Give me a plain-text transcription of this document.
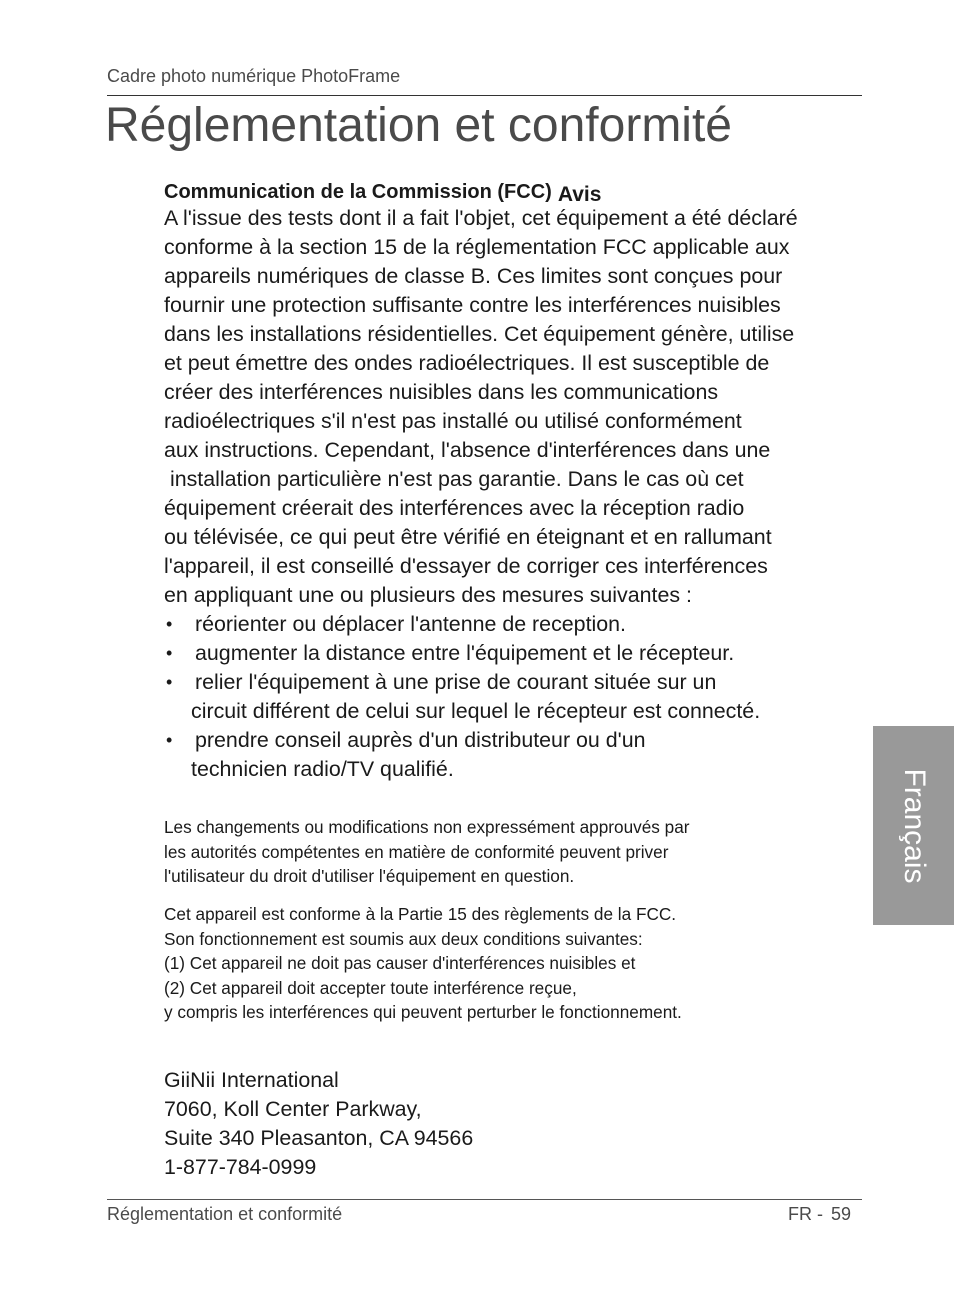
Cadre photo numérique PhotoFrame
Réglementation et conformité
Communication de la Commission (FCC) Avis

A l'issue des tests dont il a fait l'objet, cet équipement a été déclaré
conforme à la section 15 de la réglementation FCC applicable aux
appareils numériques de classe B. Ces limites sont conçues pour
fournir une protection suffisante contre les interférences nuisibles
dans les installations résidentielles. Cet équipement génère, utilise
et peut émettre des ondes radioélectriques. Il est susceptible de
créer des interférences nuisibles dans les communications
radioélectriques s'il n'est pas installé ou utilisé conformément
aux instructions. Cependant, l'absence d'interférences dans une
installation particulière n'est pas garantie. Dans le cas où cet
équipement créerait des interférences avec la réception radio
ou télévisée, ce qui peut être vérifié en éteignant et en rallumant
l'appareil, il est conseillé d'essayer de corriger ces interférences
en appliquant une ou plusieurs des mesures suivantes :

• réorienter ou déplacer l'antenne de reception.
• augmenter la distance entre l'équipement et le récepteur.
• relier l'équipement à une prise de courant située sur un
circuit différent de celui sur lequel le récepteur est connecté.
• prendre conseil auprès d'un distributeur ou d'un
technicien radio/TV qualifié.
Les changements ou modifications non expressément approuvés par
les autorités compétentes en matière de conformité peuvent priver
l'utilisateur du droit d'utiliser l'équipement en question.
Cet appareil est conforme à la Partie 15 des règlements de la FCC.
Son fonctionnement est soumis aux deux conditions suivantes:
(1) Cet appareil ne doit pas causer d'interférences nuisibles et
(2) Cet appareil doit accepter toute interférence reçue,
y compris les interférences qui peuvent perturber le fonctionnement.
GiiNii International
7060, Koll Center Parkway,
Suite 340 Pleasanton, CA 94566
1-877-784-0999
Réglementation et conformité	FR - 59
Français
